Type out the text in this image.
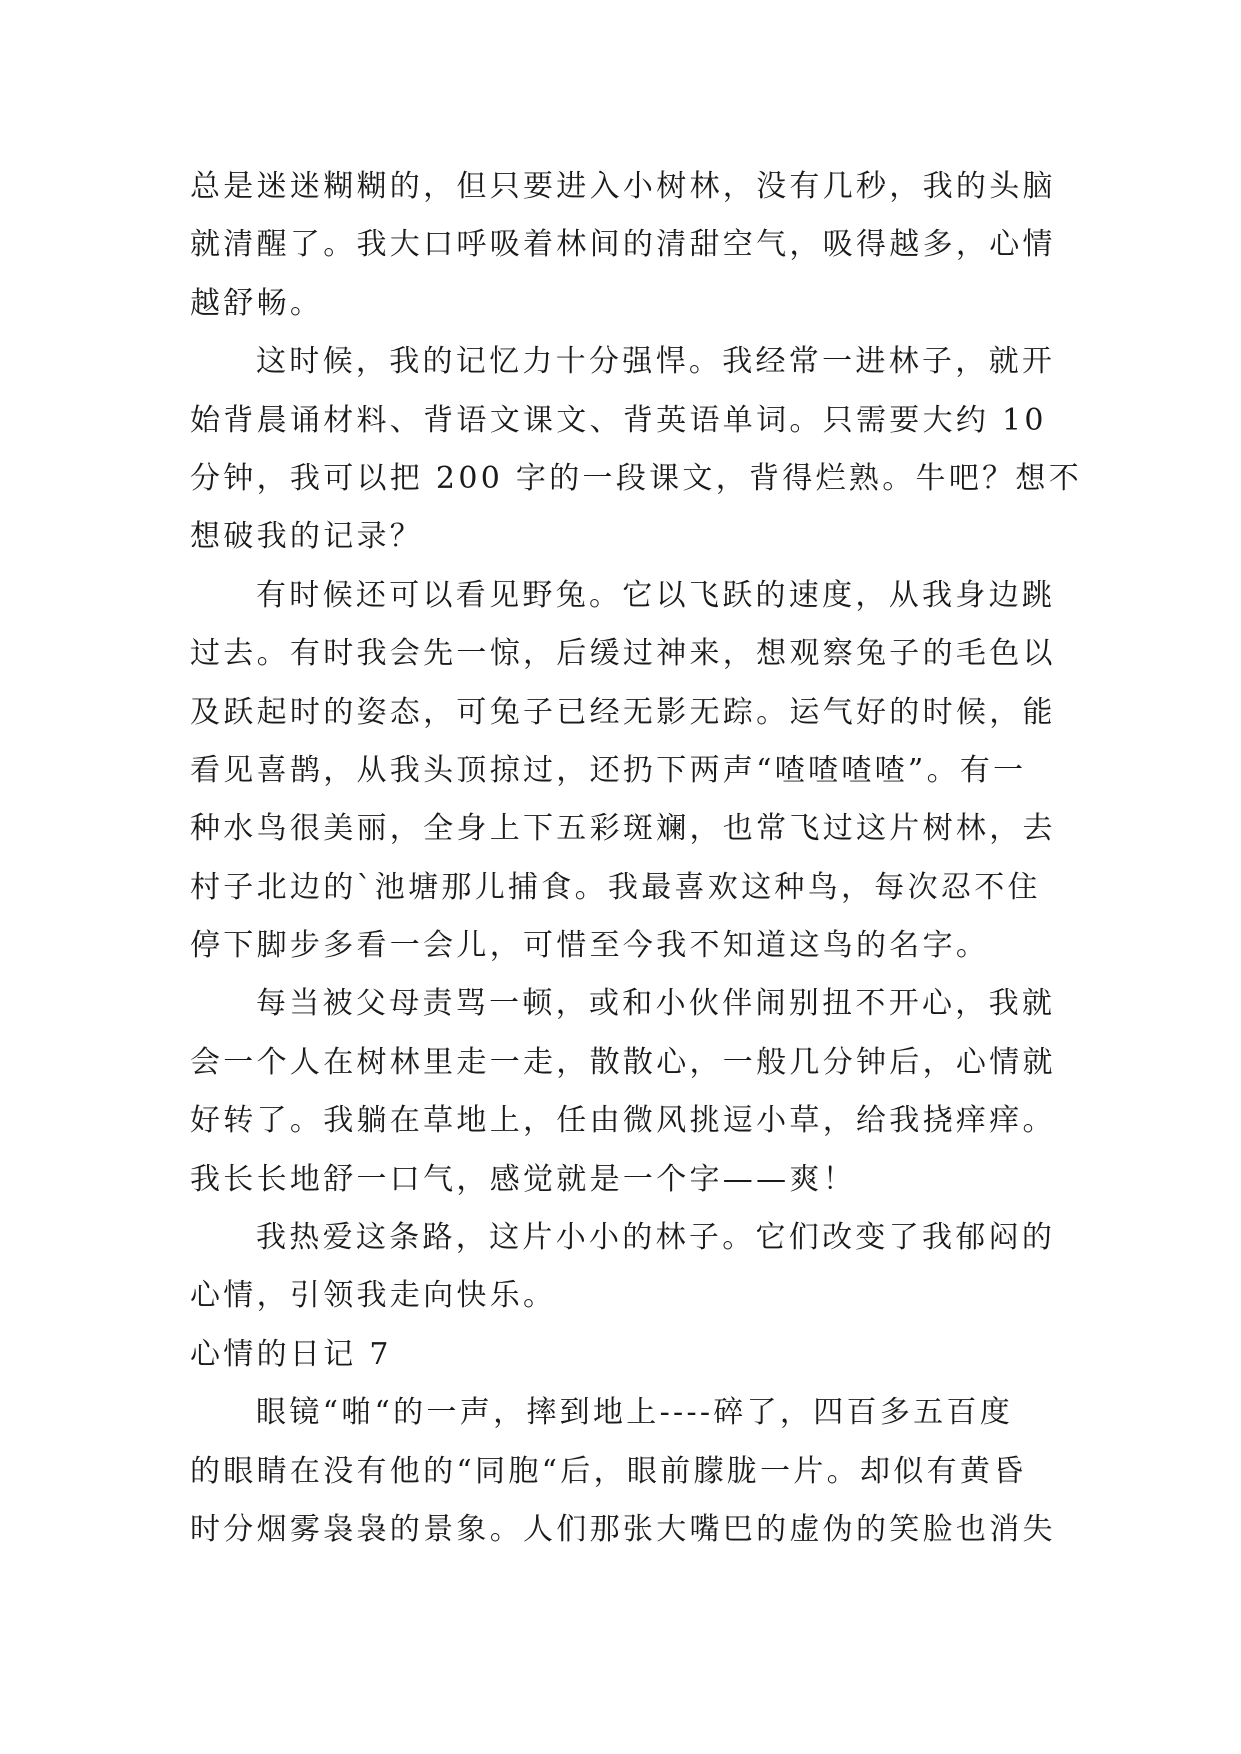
总是迷迷糊糊的，但只要进入小树林，没有几秒，我的头脑
就清醒了。我大口呼吸着林间的清甜空气，吸得越多，心情
越舒畅。
这时候，我的记忆力十分强悍。我经常一进林子，就开
始背晨诵材料、背语文课文、背英语单词。只需要大约 10
分钟，我可以把 200 字的一段课文，背得烂熟。牛吧？想不
想破我的记录？
有时候还可以看见野兔。它以飞跃的速度，从我身边跳
过去。有时我会先一惊，后缓过神来，想观察兔子的毛色以
及跃起时的姿态，可兔子已经无影无踪。运气好的时候，能
看见喜鹊，从我头顶掠过，还扔下两声“喳喳喳喳”。有一
种水鸟很美丽，全身上下五彩斑斓，也常飞过这片树林，去
村子北边的`池塘那儿捕食。我最喜欢这种鸟，每次忍不住
停下脚步多看一会儿，可惜至今我不知道这鸟的名字。
每当被父母责骂一顿，或和小伙伴闹别扭不开心，我就
会一个人在树林里走一走，散散心，一般几分钟后，心情就
好转了。我躺在草地上，任由微风挑逗小草，给我挠痒痒。
我长长地舒一口气，感觉就是一个字——爽！
我热爱这条路，这片小小的林子。它们改变了我郁闷的
心情，引领我走向快乐。
心情的日记 7
眼镜“啪“的一声，摔到地上----碎了，四百多五百度
的眼睛在没有他的“同胞“后，眼前朦胧一片。却似有黄昏
时分烟雾袅袅的景象。人们那张大嘴巴的虚伪的笑脸也消失
